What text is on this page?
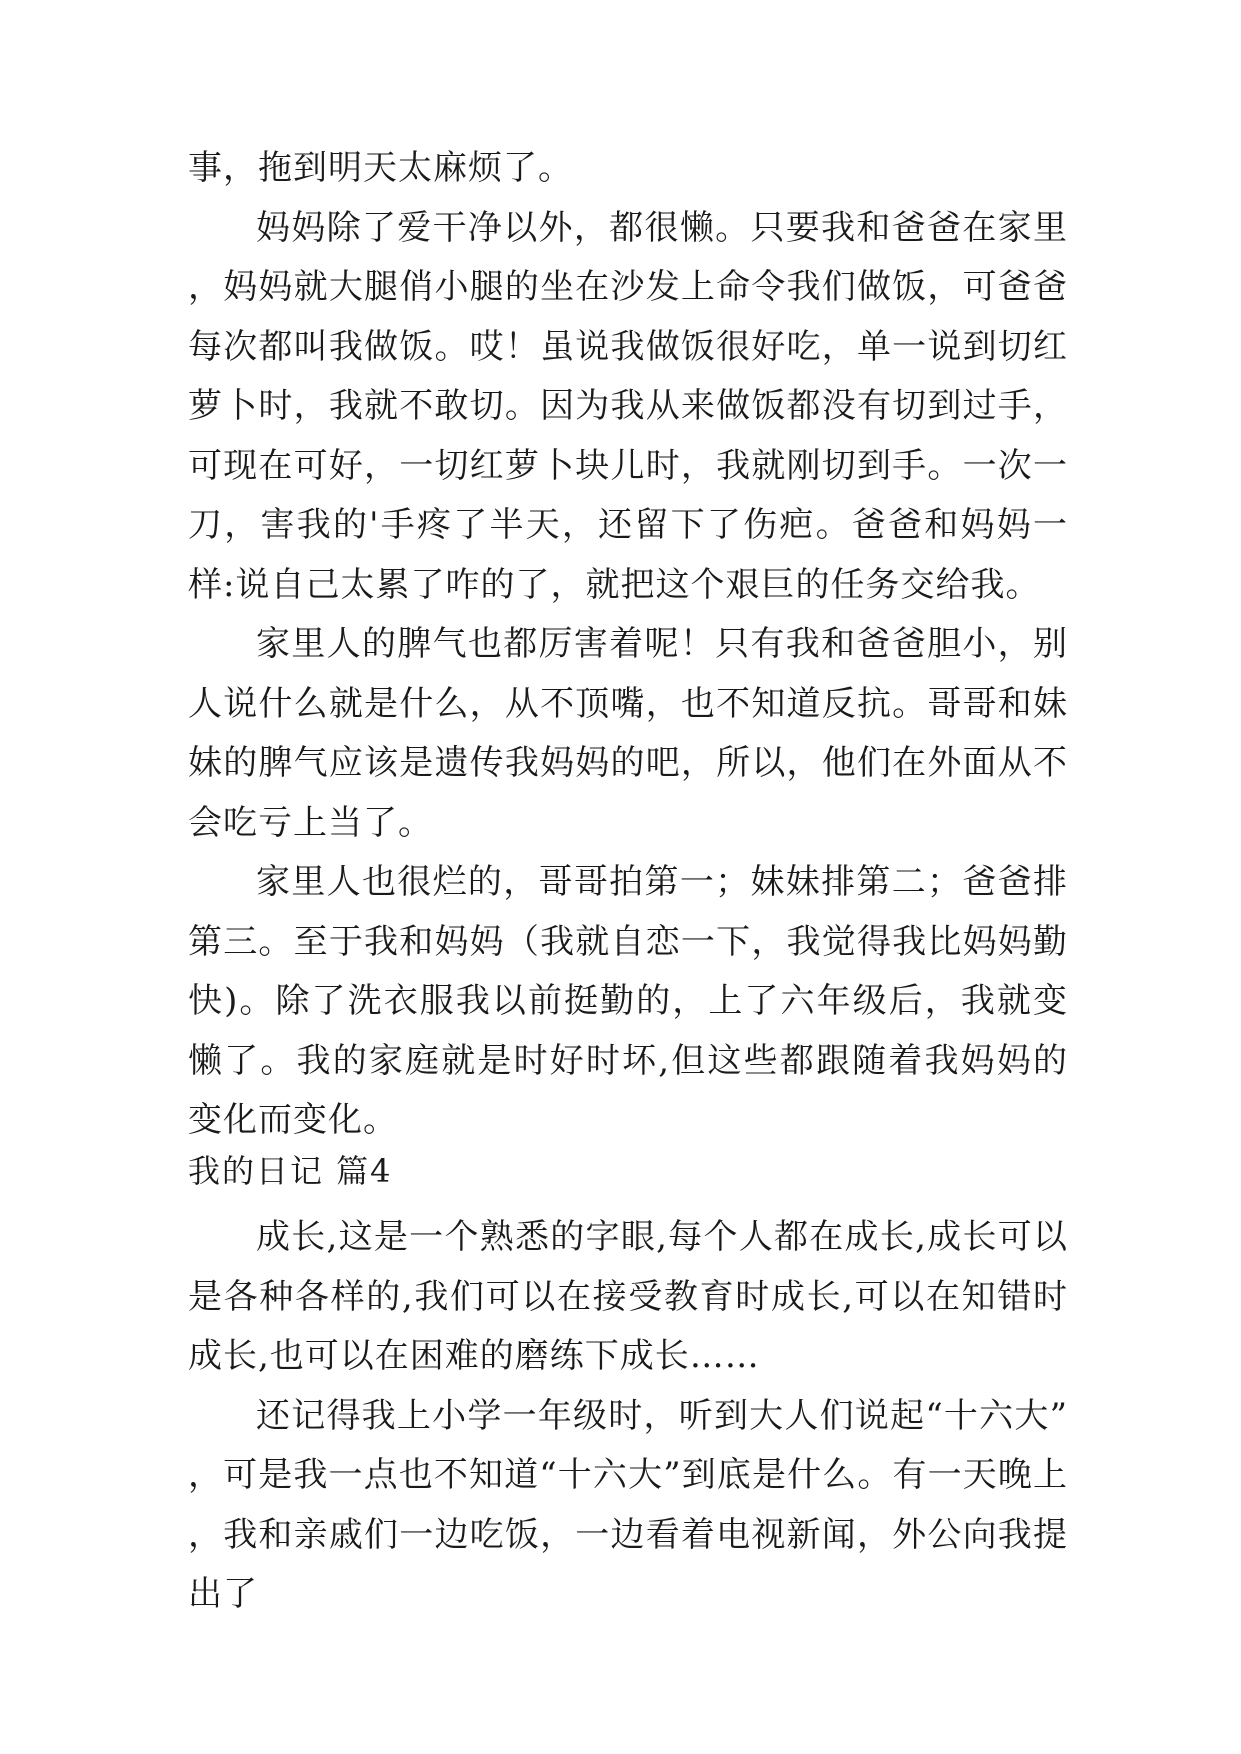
事，拖到明天太麻烦了。

妈妈除了爱干净以外，都很懒。只要我和爸爸在家里，妈妈就大腿俏小腿的坐在沙发上命令我们做饭，可爸爸每次都叫我做饭。哎！虽说我做饭很好吃，单一说到切红萝卜时，我就不敢切。因为我从来做饭都没有切到过手，可现在可好，一切红萝卜块儿时，我就刚切到手。一次一刀，害我的'手疼了半天，还留下了伤疤。爸爸和妈妈一样:说自己太累了咋的了，就把这个艰巨的任务交给我。

家里人的脾气也都厉害着呢！只有我和爸爸胆小，别人说什么就是什么，从不顶嘴，也不知道反抗。哥哥和妹妹的脾气应该是遗传我妈妈的吧，所以，他们在外面从不会吃亏上当了。

家里人也很烂的，哥哥拍第一；妹妹排第二；爸爸排第三。至于我和妈妈（我就自恋一下，我觉得我比妈妈勤快)。除了洗衣服我以前挺勤的，上了六年级后，我就变懒了。我的家庭就是时好时坏,但这些都跟随着我妈妈的变化而变化。

我的日记 篇4

成长,这是一个熟悉的字眼,每个人都在成长,成长可以是各种各样的,我们可以在接受教育时成长,可以在知错时成长,也可以在困难的磨练下成长……

还记得我上小学一年级时，听到大人们说起“十六大”，可是我一点也不知道“十六大”到底是什么。有一天晚上，我和亲戚们一边吃饭，一边看着电视新闻，外公向我提出了
